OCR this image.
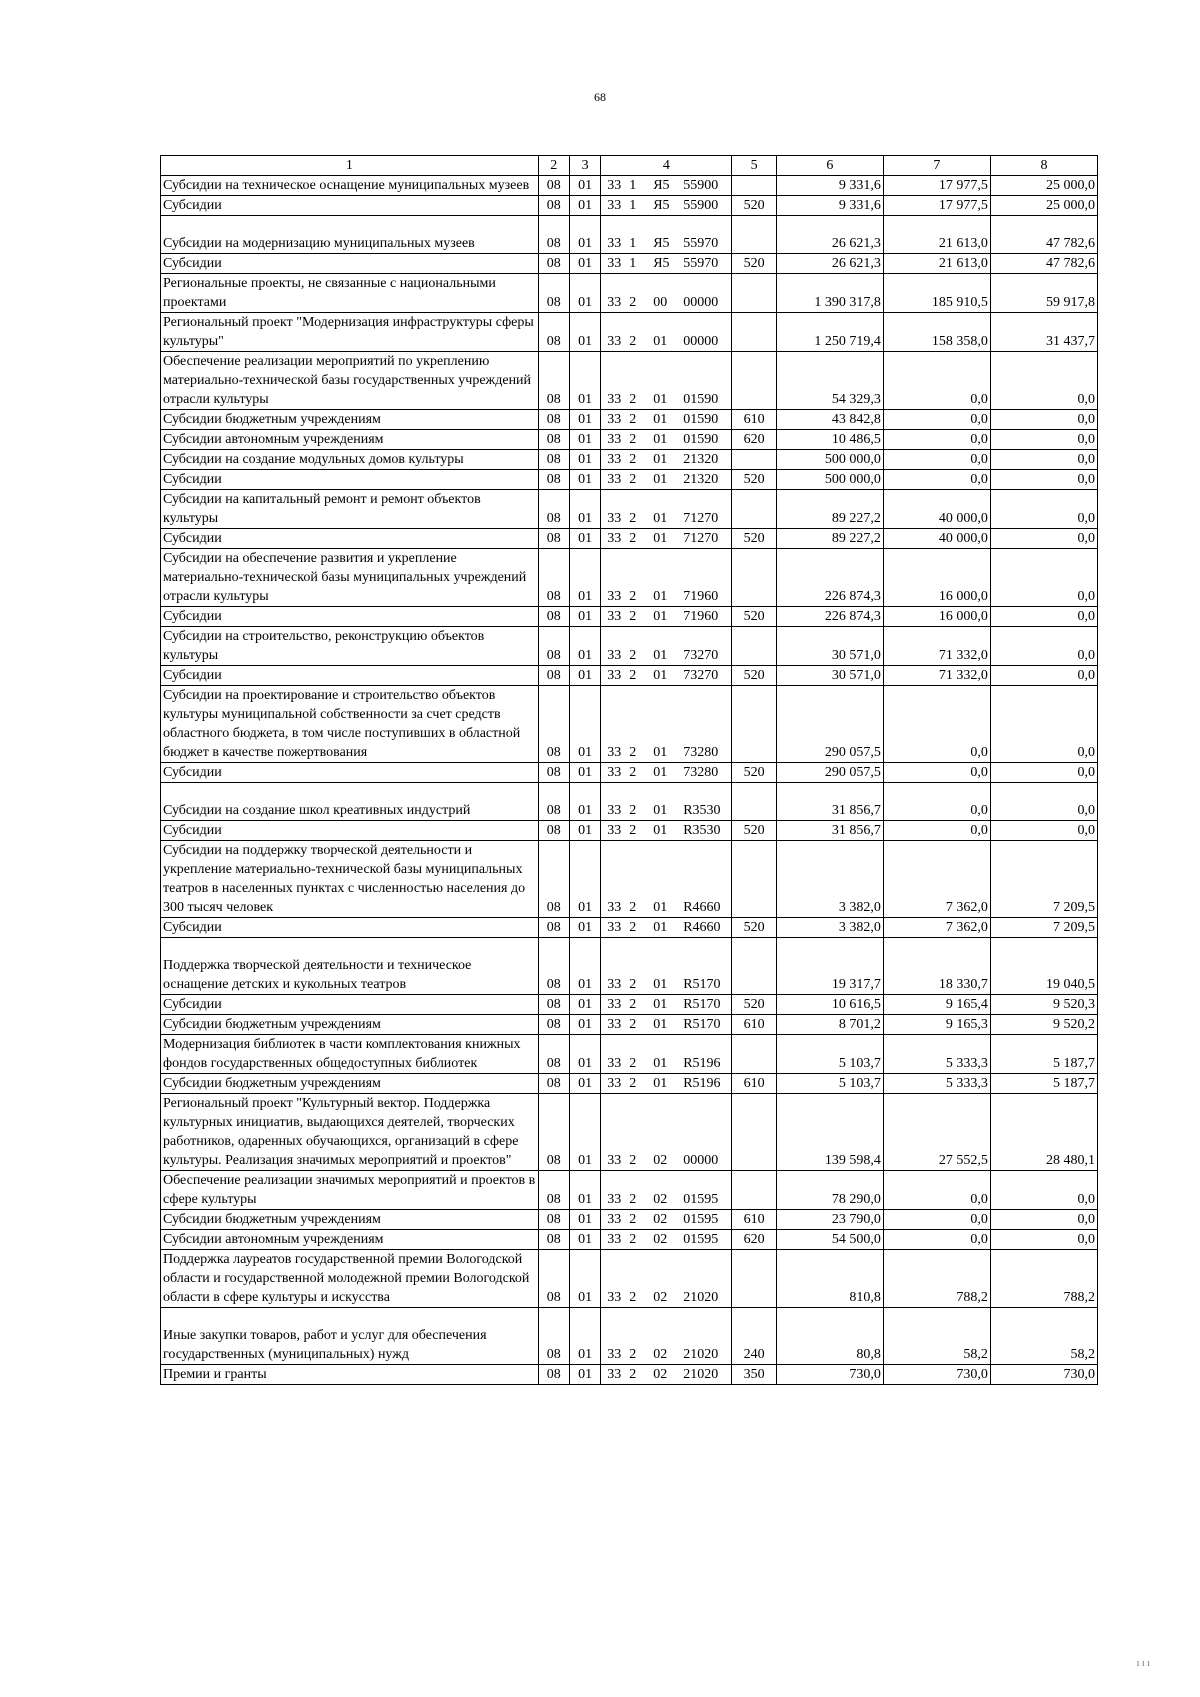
68
1	2	3	4	5	6	7	8
Субсидии на техническое оснащение муниципальных музеев	08	01	33 1 Я5 55900		9 331,6	17 977,5	25 000,0
Субсидии	08	01	33 1 Я5 55900	520	9 331,6	17 977,5	25 000,0
Субсидии на модернизацию муниципальных музеев	08	01	33 1 Я5 55970		26 621,3	21 613,0	47 782,6
Субсидии	08	01	33 1 Я5 55970	520	26 621,3	21 613,0	47 782,6
Региональные проекты, не связанные с национальными проектами	08	01	33 2 00 00000		1 390 317,8	185 910,5	59 917,8
Региональный проект "Модернизация инфраструктуры сферы культуры"	08	01	33 2 01 00000		1 250 719,4	158 358,0	31 437,7
Обеспечение реализации мероприятий по укреплению материально-технической базы государственных учреждений отрасли культуры	08	01	33 2 01 01590		54 329,3	0,0	0,0
Субсидии бюджетным учреждениям	08	01	33 2 01 01590	610	43 842,8	0,0	0,0
Субсидии автономным учреждениям	08	01	33 2 01 01590	620	10 486,5	0,0	0,0
Субсидии на создание модульных домов культуры	08	01	33 2 01 21320		500 000,0	0,0	0,0
Субсидии	08	01	33 2 01 21320	520	500 000,0	0,0	0,0
Субсидии на капитальный ремонт и ремонт объектов культуры	08	01	33 2 01 71270		89 227,2	40 000,0	0,0
Субсидии	08	01	33 2 01 71270	520	89 227,2	40 000,0	0,0
Субсидии на обеспечение развития и укрепление материально-технической базы муниципальных учреждений отрасли культуры	08	01	33 2 01 71960		226 874,3	16 000,0	0,0
Субсидии	08	01	33 2 01 71960	520	226 874,3	16 000,0	0,0
Субсидии на строительство, реконструкцию объектов культуры	08	01	33 2 01 73270		30 571,0	71 332,0	0,0
Субсидии	08	01	33 2 01 73270	520	30 571,0	71 332,0	0,0
Субсидии на проектирование и строительство объектов культуры муниципальной собственности за счет средств областного бюджета, в том числе поступивших в областной бюджет в качестве пожертвования	08	01	33 2 01 73280		290 057,5	0,0	0,0
Субсидии	08	01	33 2 01 73280	520	290 057,5	0,0	0,0
Субсидии на создание школ креативных индустрий	08	01	33 2 01 R3530		31 856,7	0,0	0,0
Субсидии	08	01	33 2 01 R3530	520	31 856,7	0,0	0,0
Субсидии на поддержку творческой деятельности и укрепление материально-технической базы муниципальных театров в населенных пунктах с численностью населения до 300 тысяч человек	08	01	33 2 01 R4660		3 382,0	7 362,0	7 209,5
Субсидии	08	01	33 2 01 R4660	520	3 382,0	7 362,0	7 209,5
Поддержка творческой деятельности и техническое оснащение детских и кукольных театров	08	01	33 2 01 R5170		19 317,7	18 330,7	19 040,5
Субсидии	08	01	33 2 01 R5170	520	10 616,5	9 165,4	9 520,3
Субсидии бюджетным учреждениям	08	01	33 2 01 R5170	610	8 701,2	9 165,3	9 520,2
Модернизация библиотек в части комплектования книжных фондов государственных общедоступных библиотек	08	01	33 2 01 R5196		5 103,7	5 333,3	5 187,7
Субсидии бюджетным учреждениям	08	01	33 2 01 R5196	610	5 103,7	5 333,3	5 187,7
Региональный проект "Культурный вектор. Поддержка культурных инициатив, выдающихся деятелей, творческих работников, одаренных обучающихся, организаций в сфере культуры. Реализация значимых мероприятий и проектов"	08	01	33 2 02 00000		139 598,4	27 552,5	28 480,1
Обеспечение реализации значимых мероприятий и проектов в сфере культуры	08	01	33 2 02 01595		78 290,0	0,0	0,0
Субсидии бюджетным учреждениям	08	01	33 2 02 01595	610	23 790,0	0,0	0,0
Субсидии автономным учреждениям	08	01	33 2 02 01595	620	54 500,0	0,0	0,0
Поддержка лауреатов государственной премии Вологодской области и государственной молодежной премии Вологодской области в сфере культуры и искусства	08	01	33 2 02 21020		810,8	788,2	788,2
Иные закупки товаров, работ и услуг для обеспечения государственных (муниципальных) нужд	08	01	33 2 02 21020	240	80,8	58,2	58,2
Премии и гранты	08	01	33 2 02 21020	350	730,0	730,0	730,0
ı ı ı
